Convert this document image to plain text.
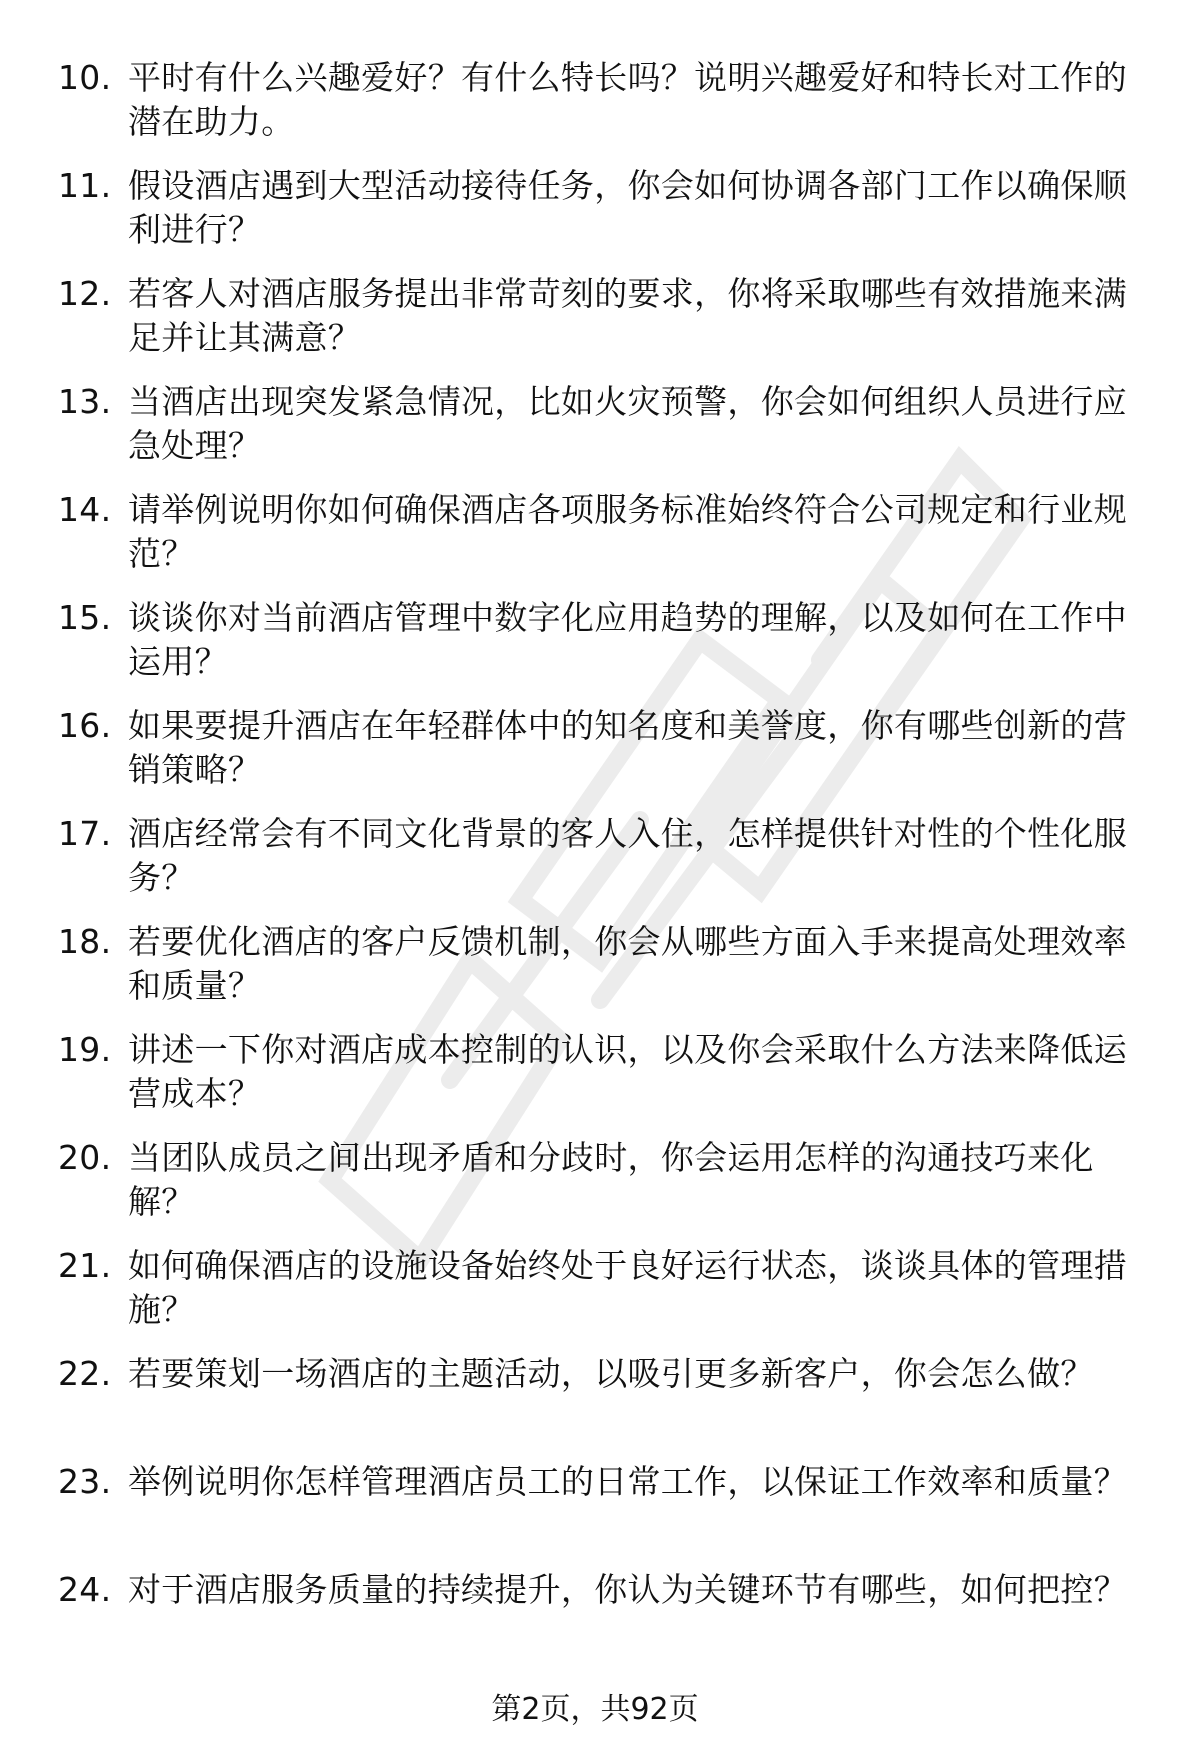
10. 平时有什么兴趣爱好？有什么特长吗？说明兴趣爱好和特长对工作的潜在助力。
11. 假设酒店遇到大型活动接待任务，你会如何协调各部门工作以确保顺利进行？
12. 若客人对酒店服务提出非常苛刻的要求，你将采取哪些有效措施来满足并让其满意？
13. 当酒店出现突发紧急情况，比如火灾预警，你会如何组织人员进行应急处理？
14. 请举例说明你如何确保酒店各项服务标准始终符合公司规定和行业规范？
15. 谈谈你对当前酒店管理中数字化应用趋势的理解，以及如何在工作中运用？
16. 如果要提升酒店在年轻群体中的知名度和美誉度，你有哪些创新的营销策略？
17. 酒店经常会有不同文化背景的客人入住，怎样提供针对性的个性化服务？
18. 若要优化酒店的客户反馈机制，你会从哪些方面入手来提高处理效率和质量？
19. 讲述一下你对酒店成本控制的认识，以及你会采取什么方法来降低运营成本？
20. 当团队成员之间出现矛盾和分歧时，你会运用怎样的沟通技巧来化解？
21. 如何确保酒店的设施设备始终处于良好运行状态，谈谈具体的管理措施？
22. 若要策划一场酒店的主题活动，以吸引更多新客户，你会怎么做？
23. 举例说明你怎样管理酒店员工的日常工作，以保证工作效率和质量？
24. 对于酒店服务质量的持续提升，你认为关键环节有哪些，如何把控？
第2页，共92页
